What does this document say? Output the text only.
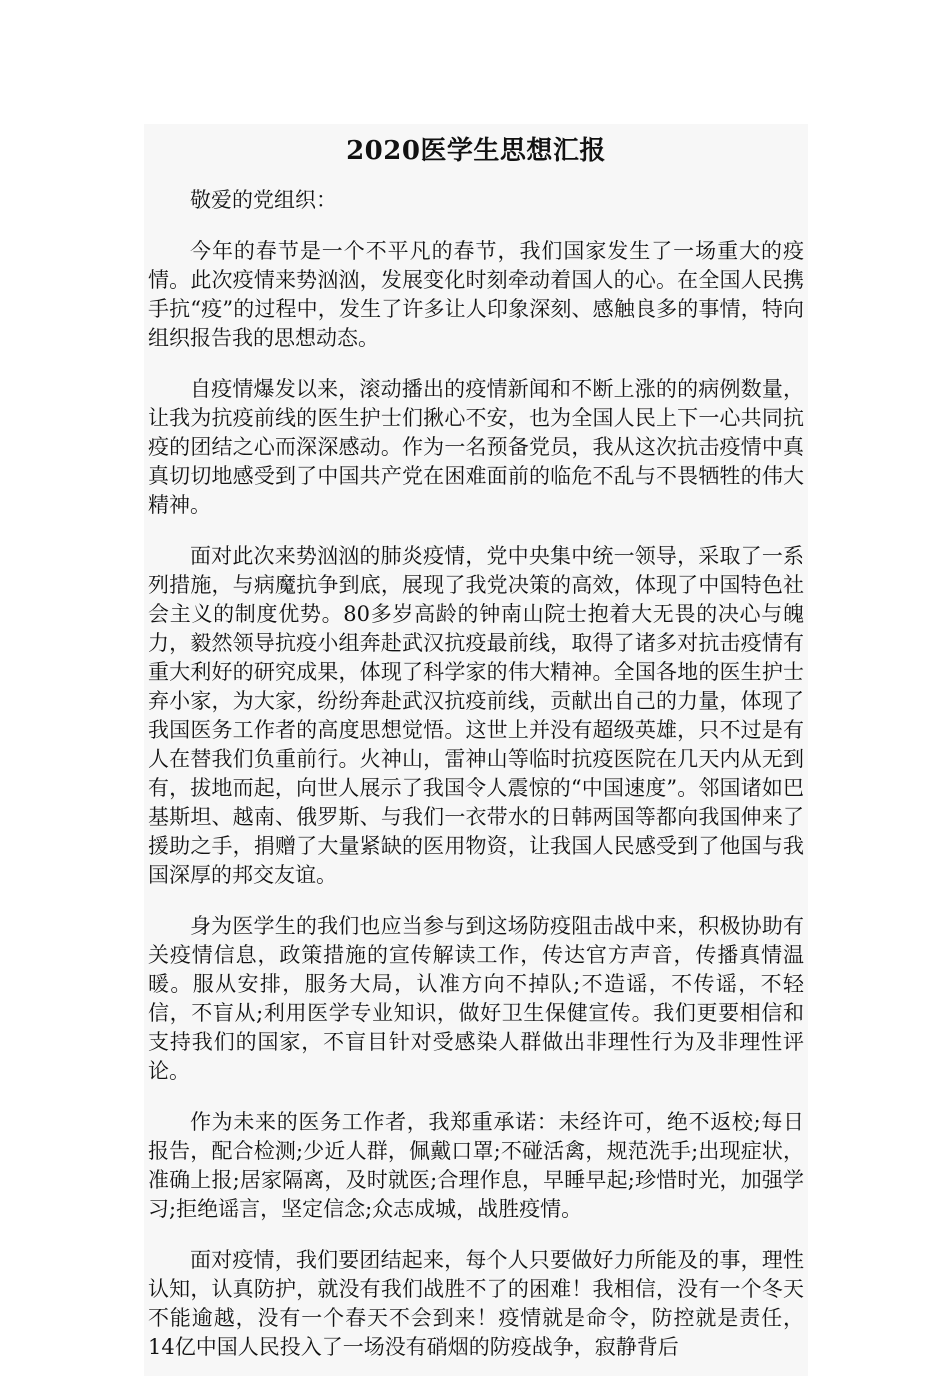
2020医学生思想汇报

敬爱的党组织：

今年的春节是一个不平凡的春节，我们国家发生了一场重大的疫情。此次疫情来势汹汹，发展变化时刻牵动着国人的心。在全国人民携手抗“疫”的过程中，发生了许多让人印象深刻、感触良多的事情，特向组织报告我的思想动态。

自疫情爆发以来，滚动播出的疫情新闻和不断上涨的的病例数量，让我为抗疫前线的医生护士们揪心不安，也为全国人民上下一心共同抗疫的团结之心而深深感动。作为一名预备党员，我从这次抗击疫情中真真切切地感受到了中国共产党在困难面前的临危不乱与不畏牺牲的伟大精神。

面对此次来势汹汹的肺炎疫情，党中央集中统一领导，采取了一系列措施，与病魔抗争到底，展现了我党决策的高效，体现了中国特色社会主义的制度优势。80多岁高龄的钟南山院士抱着大无畏的决心与魄力，毅然领导抗疫小组奔赴武汉抗疫最前线，取得了诸多对抗击疫情有重大利好的研究成果，体现了科学家的伟大精神。全国各地的医生护士弃小家，为大家，纷纷奔赴武汉抗疫前线，贡献出自己的力量，体现了我国医务工作者的高度思想觉悟。这世上并没有超级英雄，只不过是有人在替我们负重前行。火神山，雷神山等临时抗疫医院在几天内从无到有，拔地而起，向世人展示了我国令人震惊的“中国速度”。邻国诸如巴基斯坦、越南、俄罗斯、与我们一衣带水的日韩两国等都向我国伸来了援助之手，捐赠了大量紧缺的医用物资，让我国人民感受到了他国与我国深厚的邦交友谊。

身为医学生的我们也应当参与到这场防疫阻击战中来，积极协助有关疫情信息，政策措施的宣传解读工作，传达官方声音，传播真情温暖。服从安排，服务大局，认准方向不掉队;不造谣，不传谣，不轻信，不盲从;利用医学专业知识，做好卫生保健宣传。我们更要相信和支持我们的国家，不盲目针对受感染人群做出非理性行为及非理性评论。

作为未来的医务工作者，我郑重承诺：未经许可，绝不返校;每日报告，配合检测;少近人群，佩戴口罩;不碰活禽，规范洗手;出现症状，准确上报;居家隔离，及时就医;合理作息，早睡早起;珍惜时光，加强学习;拒绝谣言，坚定信念;众志成城，战胜疫情。

面对疫情，我们要团结起来，每个人只要做好力所能及的事，理性认知，认真防护，就没有我们战胜不了的困难！我相信，没有一个冬天不能逾越，没有一个春天不会到来！疫情就是命令，防控就是责任，14亿中国人民投入了一场没有硝烟的防疫战争，寂静背后
